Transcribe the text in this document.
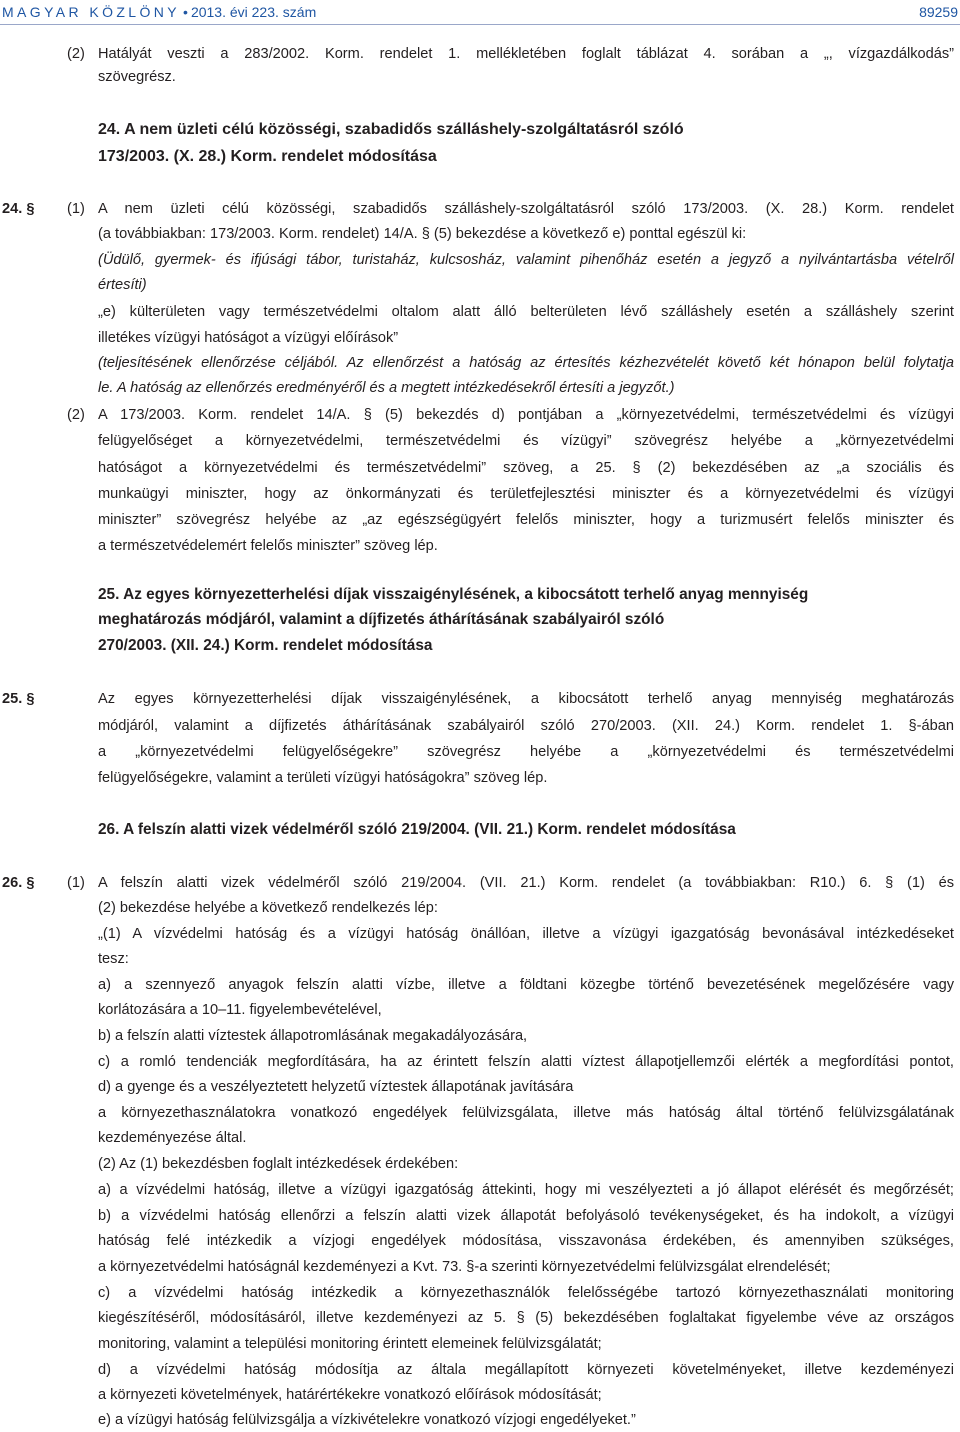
MAGYAR KÖZLÖNY • 2013. évi 223. szám	89259
(2) Hatályát veszti a 283/2002. Korm. rendelet 1. mellékletében foglalt táblázat 4. sorában a „, vízgazdálkodás”
szövegrész.
24. A nem üzleti célú közösségi, szabadidős szálláshely-szolgáltatásról szóló
173/2003. (X. 28.) Korm. rendelet módosítása
24. § (1) A nem üzleti célú közösségi, szabadidős szálláshely-szolgáltatásról szóló 173/2003. (X. 28.) Korm. rendelet
(a továbbiakban: 173/2003. Korm. rendelet) 14/A. § (5) bekezdése a következő e) ponttal egészül ki:
(Üdülő, gyermek- és ifjúsági tábor, turistaház, kulcsosház, valamint pihenőház esetén a jegyző a nyilvántartásba vételről
értesíti)
„e) külterületen vagy természetvédelmi oltalom alatt álló belterületen lévő szálláshely esetén a szálláshely szerint
illetékes vízügyi hatóságot a vízügyi előírások”
(teljesítésének ellenőrzése céljából. Az ellenőrzést a hatóság az értesítés kézhezvételét követő két hónapon belül folytatja
le. A hatóság az ellenőrzés eredményéről és a megtett intézkedésekről értesíti a jegyzőt.)
(2) A 173/2003. Korm. rendelet 14/A. § (5) bekezdés d) pontjában a „környezetvédelmi, természetvédelmi és vízügyi
felügyelőséget a környezetvédelmi, természetvédelmi és vízügyi” szövegrész helyébe a „környezetvédelmi
hatóságot a környezetvédelmi és természetvédelmi” szöveg, a 25. § (2) bekezdésében az „a szociális és
munkaügyi miniszter, hogy az önkormányzati és területfejlesztési miniszter és a környezetvédelmi és vízügyi
miniszter” szövegrész helyébe az „az egészségügyért felelős miniszter, hogy a turizmusért felelős miniszter és
a természetvédelemért felelős miniszter” szöveg lép.
25. Az egyes környezetterhelési díjak visszaigénylésének, a kibocsátott terhelő anyag mennyiség
meghatározás módjáról, valamint a díjfizetés áthárításának szabályairól szóló
270/2003. (XII. 24.) Korm. rendelet módosítása
25. §	Az egyes környezetterhelési díjak visszaigénylésének, a kibocsátott terhelő anyag mennyiség meghatározás
módjáról, valamint a díjfizetés áthárításának szabályairól szóló 270/2003. (XII. 24.) Korm. rendelet 1. §-ában
a „környezetvédelmi felügyelőségekre” szövegrész helyébe a „környezetvédelmi és természetvédelmi
felügyelőségekre, valamint a területi vízügyi hatóságokra” szöveg lép.
26. A felszín alatti vizek védelméről szóló 219/2004. (VII. 21.) Korm. rendelet módosítása
26. § (1) A felszín alatti vizek védelméről szóló 219/2004. (VII. 21.) Korm. rendelet (a továbbiakban: R10.) 6. § (1) és
(2) bekezdése helyébe a következő rendelkezés lép:
„(1) A vízvédelmi hatóság és a vízügyi hatóság önállóan, illetve a vízügyi igazgatóság bevonásával intézkedéseket
tesz:
a) a szennyező anyagok felszín alatti vízbe, illetve a földtani közegbe történő bevezetésének megelőzésére vagy
korlátozására a 10–11. figyelembevételével,
b) a felszín alatti víztestek állapotromlásának megakadályozására,
c) a romló tendenciák megfordítására, ha az érintett felszín alatti víztest állapotjellemzői elérték a megfordítási pontot,
d) a gyenge és a veszélyeztetett helyzetű víztestek állapotának javítására
a környezethasználatokra vonatkozó engedélyek felülvizsgálata, illetve más hatóság által történő felülvizsgálatának
kezdeményezése által.
(2) Az (1) bekezdésben foglalt intézkedések érdekében:
a) a vízvédelmi hatóság, illetve a vízügyi igazgatóság áttekinti, hogy mi veszélyezteti a jó állapot elérését és megőrzését;
b) a vízvédelmi hatóság ellenőrzi a felszín alatti vizek állapotát befolyásoló tevékenységeket, és ha indokolt, a vízügyi
hatóság felé intézkedik a vízjogi engedélyek módosítása, visszavonása érdekében, és amennyiben szükséges,
a környezetvédelmi hatóságnál kezdeményezi a Kvt. 73. §-a szerinti környezetvédelmi felülvizsgálat elrendelését;
c) a vízvédelmi hatóság intézkedik a környezethasználók felelősségébe tartozó környezethasználati monitoring
kiegészítéséről, módosításáról, illetve kezdeményezi az 5. § (5) bekezdésében foglaltakat figyelembe véve az országos
monitoring, valamint a települési monitoring érintett elemeinek felülvizsgálatát;
d) a vízvédelmi hatóság módosítja az általa megállapított környezeti követelményeket, illetve kezdeményezi
a környezeti követelmények, határértékekre vonatkozó előírások módosítását;
e) a vízügyi hatóság felülvizsgálja a vízkivételekre vonatkozó vízjogi engedélyeket.”
